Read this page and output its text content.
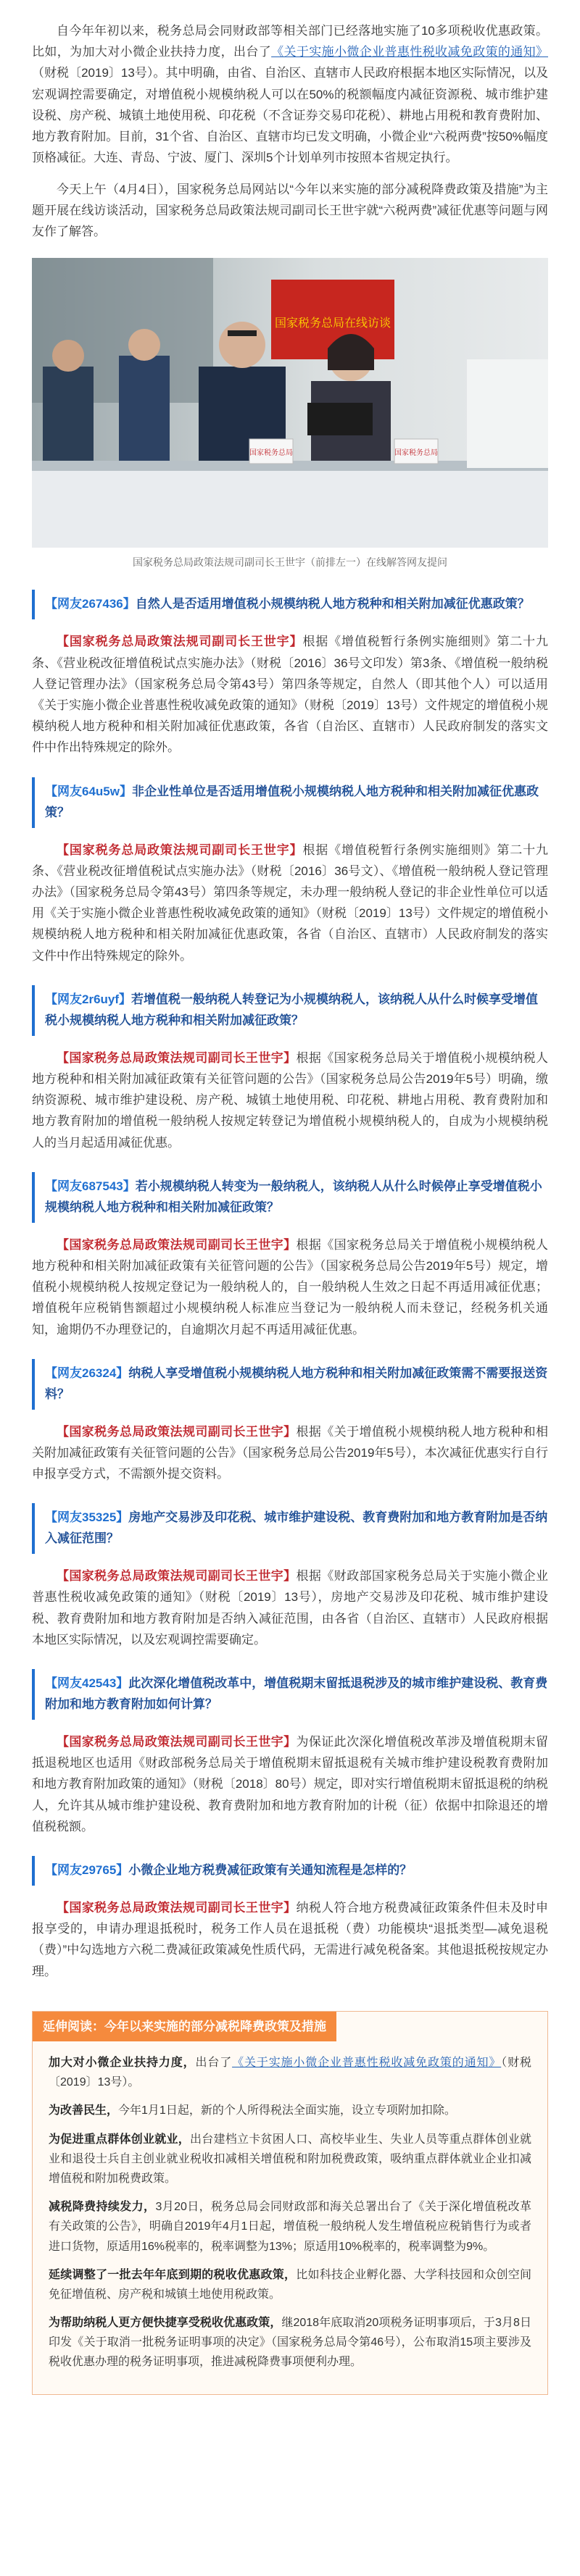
自今年年初以来，税务总局会同财政部等相关部门已经落地实施了10多项税收优惠政策。比如，为加大对小微企业扶持力度，出台了《关于实施小微企业普惠性税收减免政策的通知》（财税〔2019〕13号）。其中明确，由省、自治区、直辖市人民政府根据本地区实际情况，以及宏观调控需要确定，对增值税小规模纳税人可以在50%的税额幅度内减征资源税、城市维护建设税、房产税、城镇土地使用税、印花税（不含证券交易印花税）、耕地占用税和教育费附加、地方教育附加。目前，31个省、自治区、直辖市均已发文明确，小微企业“六税两费”按50%幅度顶格减征。大连、青岛、宁波、厦门、深圳5个计划单列市按照本省规定执行。

今天上午（4月4日），国家税务总局网站以“今年以来实施的部分减税降费政策及措施”为主题开展在线访谈活动，国家税务总局政策法规司副司长王世宇就“六税两费”减征优惠等问题与网友作了解答。

国家税务总局在线访谈
国家税务总局	国家税务总局
国家税务总局政策法规司副司长王世宇（前排左一）在线解答网友提问
【网友267436】自然人是否适用增值税小规模纳税人地方税种和相关附加减征优惠政策？

【国家税务总局政策法规司副司长王世宇】根据《增值税暂行条例实施细则》第二十九条、《营业税改征增值税试点实施办法》（财税〔2016〕36号文印发）第3条、《增值税一般纳税人登记管理办法》（国家税务总局令第43号）第四条等规定，自然人（即其他个人）可以适用《关于实施小微企业普惠性税收减免政策的通知》（财税〔2019〕13号）文件规定的增值税小规模纳税人地方税种和相关附加减征优惠政策，各省（自治区、直辖市）人民政府制发的落实文件中作出特殊规定的除外。

【网友64u5w】非企业性单位是否适用增值税小规模纳税人地方税种和相关附加减征优惠政策？

【国家税务总局政策法规司副司长王世宇】根据《增值税暂行条例实施细则》第二十九条、《营业税改征增值税试点实施办法》（财税〔2016〕36号文）、《增值税一般纳税人登记管理办法》（国家税务总局令第43号）第四条等规定，未办理一般纳税人登记的非企业性单位可以适用《关于实施小微企业普惠性税收减免政策的通知》（财税〔2019〕13号）文件规定的增值税小规模纳税人地方税种和相关附加减征优惠政策，各省（自治区、直辖市）人民政府制发的落实文件中作出特殊规定的除外。

【网友2r6uyf】若增值税一般纳税人转登记为小规模纳税人，该纳税人从什么时候享受增值税小规模纳税人地方税种和相关附加减征政策？

【国家税务总局政策法规司副司长王世宇】根据《国家税务总局关于增值税小规模纳税人地方税种和相关附加减征政策有关征管问题的公告》（国家税务总局公告2019年5号）明确，缴纳资源税、城市维护建设税、房产税、城镇土地使用税、印花税、耕地占用税、教育费附加和地方教育附加的增值税一般纳税人按规定转登记为增值税小规模纳税人的，自成为小规模纳税人的当月起适用减征优惠。

【网友687543】若小规模纳税人转变为一般纳税人，该纳税人从什么时候停止享受增值税小规模纳税人地方税种和相关附加减征政策？

【国家税务总局政策法规司副司长王世宇】根据《国家税务总局关于增值税小规模纳税人地方税种和相关附加减征政策有关征管问题的公告》（国家税务总局公告2019年5号）规定，增值税小规模纳税人按规定登记为一般纳税人的，自一般纳税人生效之日起不再适用减征优惠；增值税年应税销售额超过小规模纳税人标准应当登记为一般纳税人而未登记，经税务机关通知，逾期仍不办理登记的，自逾期次月起不再适用减征优惠。

【网友26324】纳税人享受增值税小规模纳税人地方税种和相关附加减征政策需不需要报送资料？

【国家税务总局政策法规司副司长王世宇】根据《关于增值税小规模纳税人地方税种和相关附加减征政策有关征管问题的公告》（国家税务总局公告2019年5号），本次减征优惠实行自行申报享受方式，不需额外提交资料。

【网友35325】房地产交易涉及印花税、城市维护建设税、教育费附加和地方教育附加是否纳入减征范围？

【国家税务总局政策法规司副司长王世宇】根据《财政部国家税务总局关于实施小微企业普惠性税收减免政策的通知》（财税〔2019〕13号），房地产交易涉及印花税、城市维护建设税、教育费附加和地方教育附加是否纳入减征范围，由各省（自治区、直辖市）人民政府根据本地区实际情况，以及宏观调控需要确定。

【网友42543】此次深化增值税改革中，增值税期末留抵退税涉及的城市维护建设税、教育费附加和地方教育附加如何计算？

【国家税务总局政策法规司副司长王世宇】为保证此次深化增值税改革涉及增值税期末留抵退税地区也适用《财政部税务总局关于增值税期末留抵退税有关城市维护建设税教育费附加和地方教育附加政策的通知》（财税〔2018〕80号）规定，即对实行增值税期末留抵退税的纳税人，允许其从城市维护建设税、教育费附加和地方教育附加的计税（征）依据中扣除退还的增值税税额。

【网友29765】小微企业地方税费减征政策有关通知流程是怎样的？

【国家税务总局政策法规司副司长王世宇】纳税人符合地方税费减征政策条件但未及时申报享受的，申请办理退抵税时，税务工作人员在退抵税（费）功能模块“退抵类型—减免退税（费）”中勾选地方六税二费减征政策减免性质代码，无需进行减免税备案。其他退抵税按规定办理。

延伸阅读：今年以来实施的部分减税降费政策及措施

加大对小微企业扶持力度，出台了《关于实施小微企业普惠性税收减免政策的通知》（财税〔2019〕13号）。

为改善民生，今年1月1日起，新的个人所得税法全面实施，设立专项附加扣除。

为促进重点群体创业就业，出台建档立卡贫困人口、高校毕业生、失业人员等重点群体创业就业和退役士兵自主创业就业税收扣减相关增值税和附加税费政策，吸纳重点群体就业企业扣减增值税和附加税费政策。

减税降费持续发力，3月20日，税务总局会同财政部和海关总署出台了《关于深化增值税改革有关政策的公告》，明确自2019年4月1日起，增值税一般纳税人发生增值税应税销售行为或者进口货物，原适用16%税率的，税率调整为13%；原适用10%税率的，税率调整为9%。

延续调整了一批去年年底到期的税收优惠政策，比如科技企业孵化器、大学科技园和众创空间免征增值税、房产税和城镇土地使用税政策。

为帮助纳税人更方便快捷享受税收优惠政策，继2018年底取消20项税务证明事项后，于3月8日印发《关于取消一批税务证明事项的决定》（国家税务总局令第46号），公布取消15项主要涉及税收优惠办理的税务证明事项，推进减税降费事项便利办理。
